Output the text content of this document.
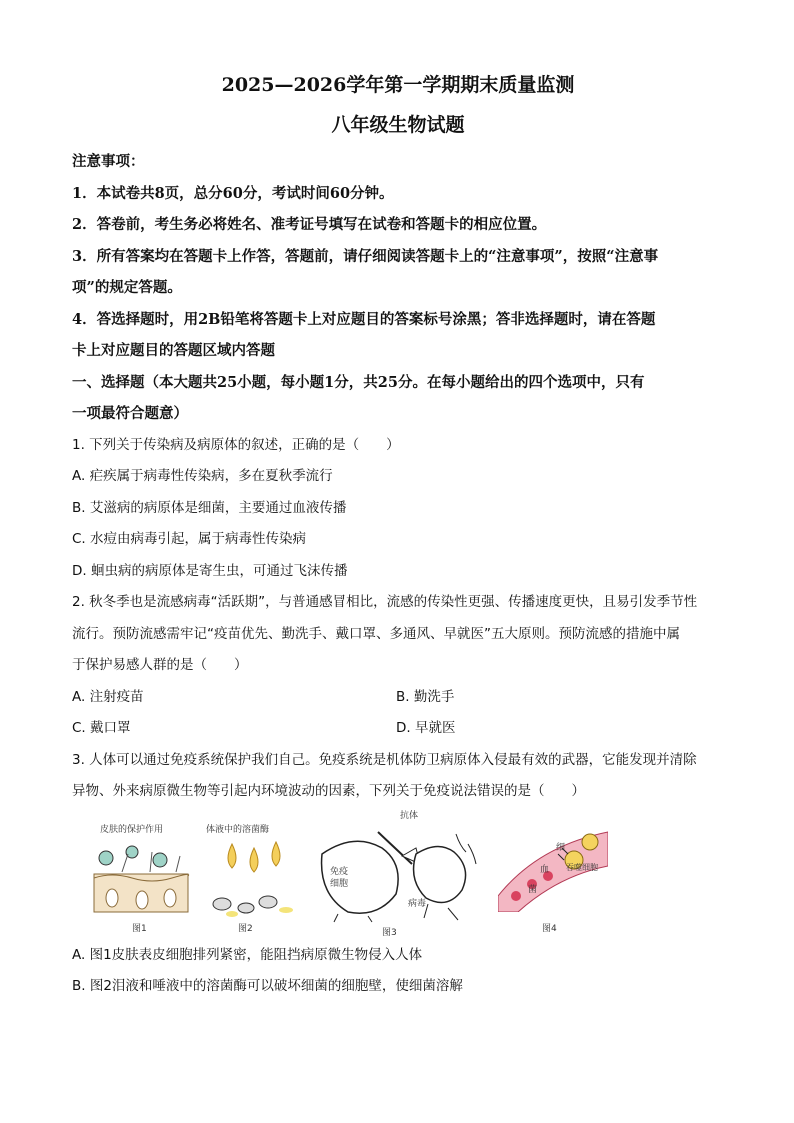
2025—2026学年第一学期期末质量监测

八年级生物试题

注意事项：

1．本试卷共8页，总分60分，考试时间60分钟。

2．答卷前，考生务必将姓名、准考证号填写在试卷和答题卡的相应位置。

3．所有答案均在答题卡上作答，答题前，请仔细阅读答题卡上的“注意事项”，按照“注意事

项”的规定答题。

4．答选择题时，用2B铅笔将答题卡上对应题目的答案标号涂黑；答非选择题时，请在答题

卡上对应题目的答题区域内答题

一、选择题（本大题共25小题，每小题1分，共25分。在每小题给出的四个选项中，只有

一项最符合题意）

1. 下列关于传染病及病原体的叙述，正确的是（　　）

A. 疟疾属于病毒性传染病，多在夏秋季流行

B. 艾滋病的病原体是细菌，主要通过血液传播

C. 水痘由病毒引起，属于病毒性传染病

D. 蛔虫病的病原体是寄生虫，可通过飞沫传播

2. 秋冬季也是流感病毒“活跃期”，与普通感冒相比，流感的传染性更强、传播速度更快，且易引发季节性

流行。预防流感需牢记“疫苗优先、勤洗手、戴口罩、多通风、早就医”五大原则。预防流感的措施中属

于保护易感人群的是（　　）

A. 注射疫苗	B. 勤洗手
C. 戴口罩	D. 早就医

3. 人体可以通过免疫系统保护我们自己。免疫系统是机体防卫病原体入侵最有效的武器，它能发现并清除

异物、外来病原微生物等引起内环境波动的因素，下列关于免疫说法错误的是（　　）

皮肤的保护作用
图1
体液中的溶菌酶
图2
抗体
免疫
细胞
病毒
图3
细
血
菌
吞噬细胞
图4

A. 图1皮肤表皮细胞排列紧密，能阻挡病原微生物侵入人体

B. 图2泪液和唾液中的溶菌酶可以破坏细菌的细胞壁，使细菌溶解
